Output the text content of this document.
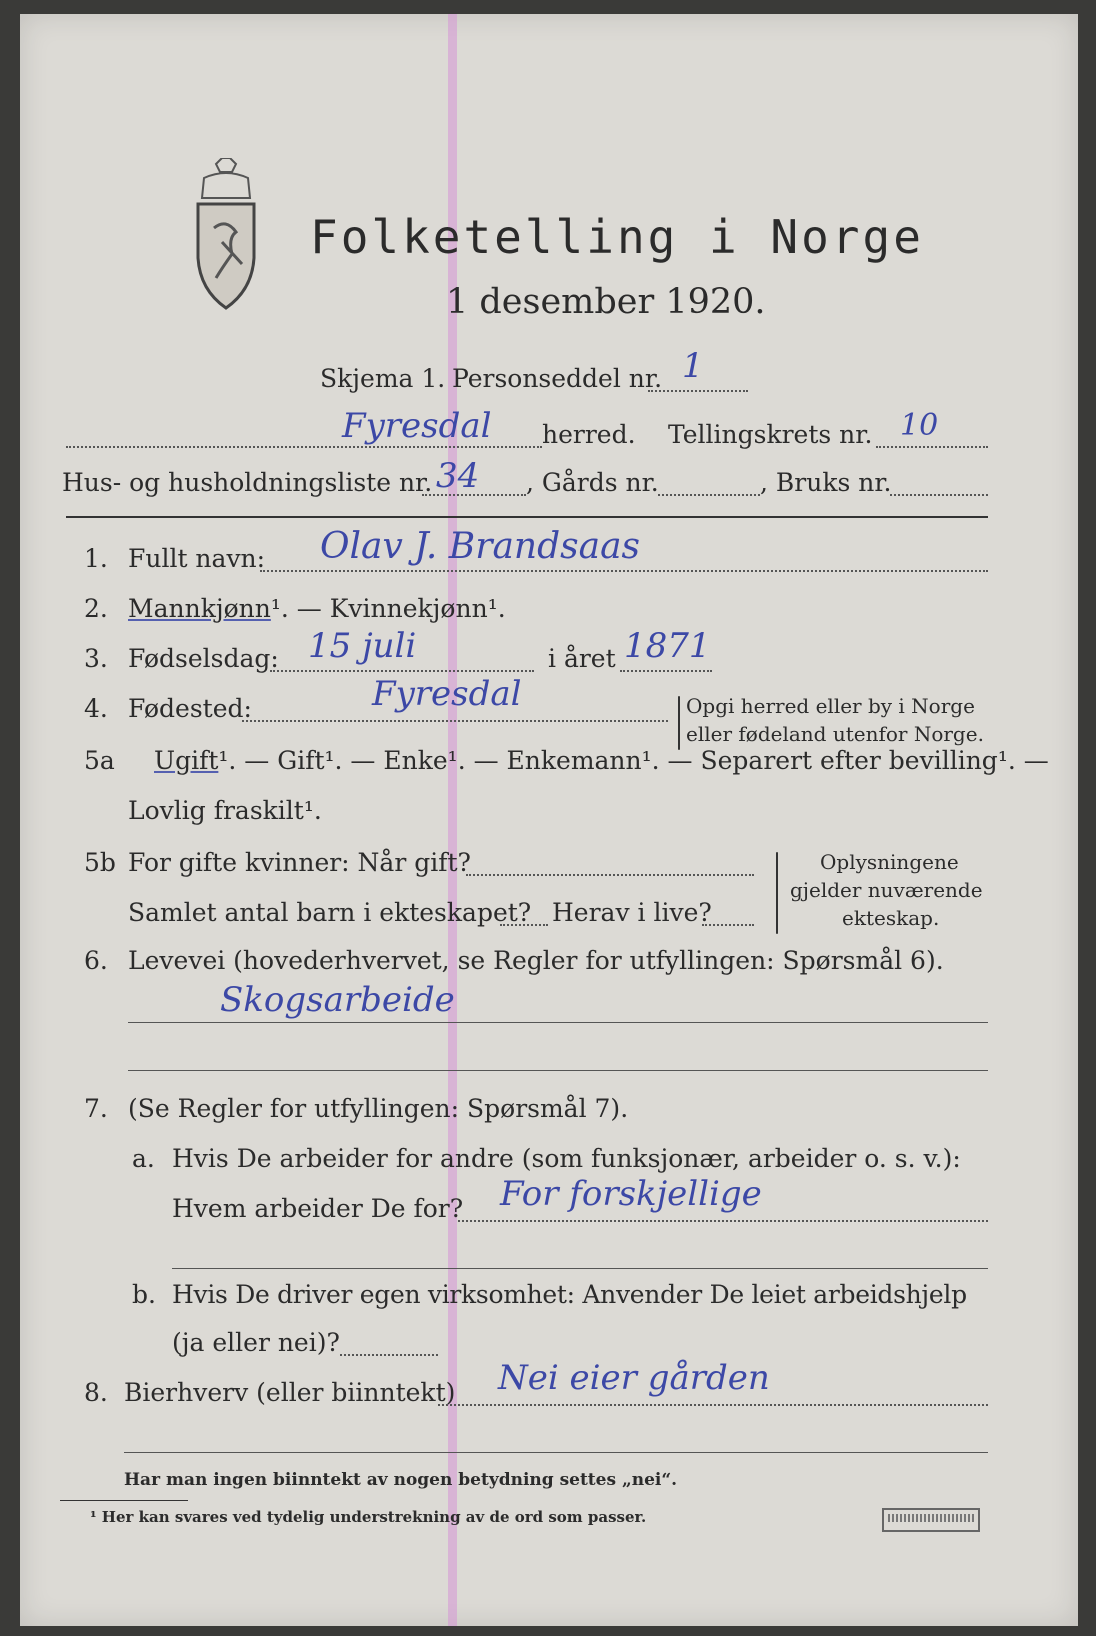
Folketelling i Norge
1 desember 1920.
Skjema 1. Personseddel nr. 1
Fyresdal herred. Tellingskrets nr. 10
Hus- og husholdningsliste nr. 34 , Gårds nr.	, Bruks nr.
1. Fullt navn: Olav J. Brandsaas
2. Mannkjønn¹. — Kvinnekjønn¹.
3. Fødselsdag: 15 juli	i året 1871
4. Fødested:	Fyresdal	Opgi herred eller by i Norge
eller fødeland utenfor Norge.
5a Ugift¹. — Gift¹. — Enke¹. — Enkemann¹. — Separert efter bevilling¹. —
Lovlig fraskilt¹.
5b For gifte kvinner: Når gift?
Samlet antal barn i ekteskapet? Herav i live?
Oplysningene
gjelder nuværende
ekteskap.
6. Levevei (hovederhvervet, se Regler for utfyllingen: Spørsmål 6).
Skogsarbeide
7. (Se Regler for utfyllingen: Spørsmål 7).
a. Hvis De arbeider for andre (som funksjonær, arbeider o. s. v.):
Hvem arbeider De for? For forskjellige
b. Hvis De driver egen virksomhet: Anvender De leiet arbeidshjelp
(ja eller nei)?
8. Bierhverv (eller biinntekt) Nei eier gården
Har man ingen biinntekt av nogen betydning settes „nei“.
¹ Her kan svares ved tydelig understrekning av de ord som passer.
